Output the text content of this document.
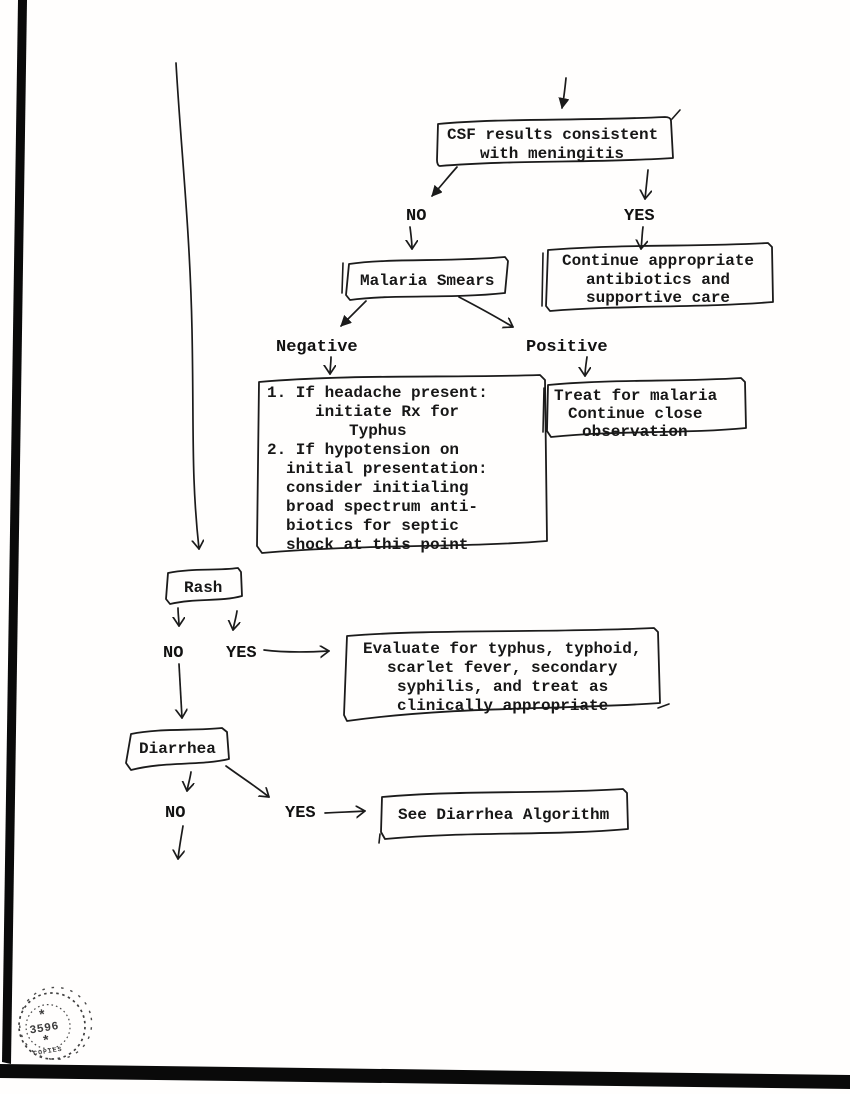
CSF results consistent
with meningitis
NO	YES
Malaria Smears
Continue appropriate
antibiotics and
supportive care
Negative	Positive
1. If headache present:
initiate Rx for
Typhus
2. If hypotension on
initial presentation:
consider initialing
broad spectrum anti-
biotics for septic
shock at this point
Treat for malaria
Continue close
observation
Rash
NO	YES	Evaluate for typhus, typhoid,
scarlet fever, secondary
syphilis, and treat as
clinically appropriate
Diarrhea
NO	YES	See Diarrhea Algorithm
*
3596
*
COPIES
